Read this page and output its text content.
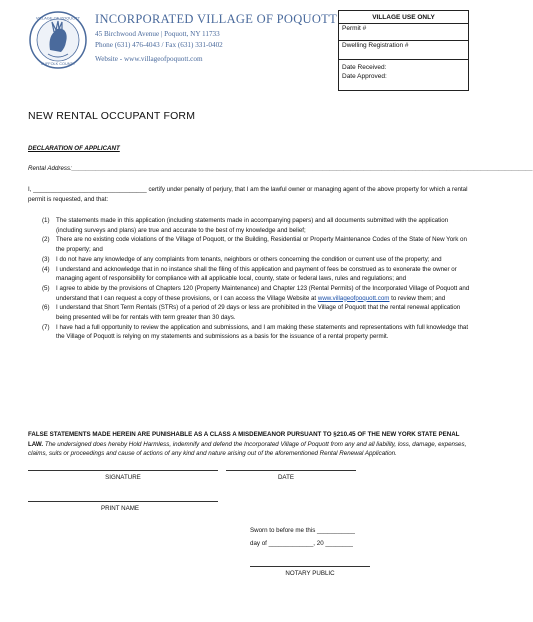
VILLAGE OF POQUOTT
SUFFOLK COUNTY
INCORPORATED VILLAGE OF POQUOTT
45 Birchwood Avenue | Poquott, NY 11733
Phone (631) 476-4043 / Fax (631) 331-0402
Website - www.villageofpoquott.com
VILLAGE USE ONLY
Permit #
Dwelling Registration #
Date Received:
Date Approved:
NEW RENTAL OCCUPANT FORM
DECLARATION OF APPLICANT
Rental Address:______________________________________________________________________________________________________________________________________
I, _________________________________ certify under penalty of perjury, that I am the lawful owner or managing agent of the above property for which a rental permit is requested, and that:
(1) The statements made in this application (including statements made in accompanying papers) and all documents submitted with the application (including surveys and plans) are true and accurate to the best of my knowledge and belief;
(2) There are no existing code violations of the Village of Poquott, or the Building, Residential or Property Maintenance Codes of the State of New York on the property; and
(3) I do not have any knowledge of any complaints from tenants, neighbors or others concerning the condition or current use of the property; and
(4) I understand and acknowledge that in no instance shall the filing of this application and payment of fees be construed as to exonerate the owner or managing agent of responsibility for compliance with all applicable local, county, state or federal laws, rules and regulations; and
(5) I agree to abide by the provisions of Chapters 120 (Property Maintenance) and Chapter 123 (Rental Permits) of the Incorporated Village of Poquott and understand that I can request a copy of these provisions, or I can access the Village Website at www.villageofpoquott.com to review them; and
(6) I understand that Short Term Rentals (STRs) of a period of 29 days or less are prohibited in the Village of Poquott that the rental renewal application being presented will be for rentals with term greater than 30 days.
(7) I have had a full opportunity to review the application and submissions, and I am making these statements and representations with full knowledge that the Village of Poquott is relying on my statements and submissions as a basis for the issuance of a rental property permit.
FALSE STATEMENTS MADE HEREIN ARE PUNISHABLE AS A CLASS A MISDEMEANOR PURSUANT TO §210.45 OF THE NEW YORK STATE PENAL LAW. The undersigned does hereby Hold Harmless, indemnify and defend the Incorporated Village of Poquott from any and all liability, loss, damage, expenses, claims, suits or proceedings and cause of actions of any kind and nature arising out of the aforementioned Rental Renewal Application.
SIGNATURE	DATE
PRINT NAME
Sworn to before me this ___________
day of _____________, 20 ________
NOTARY PUBLIC
